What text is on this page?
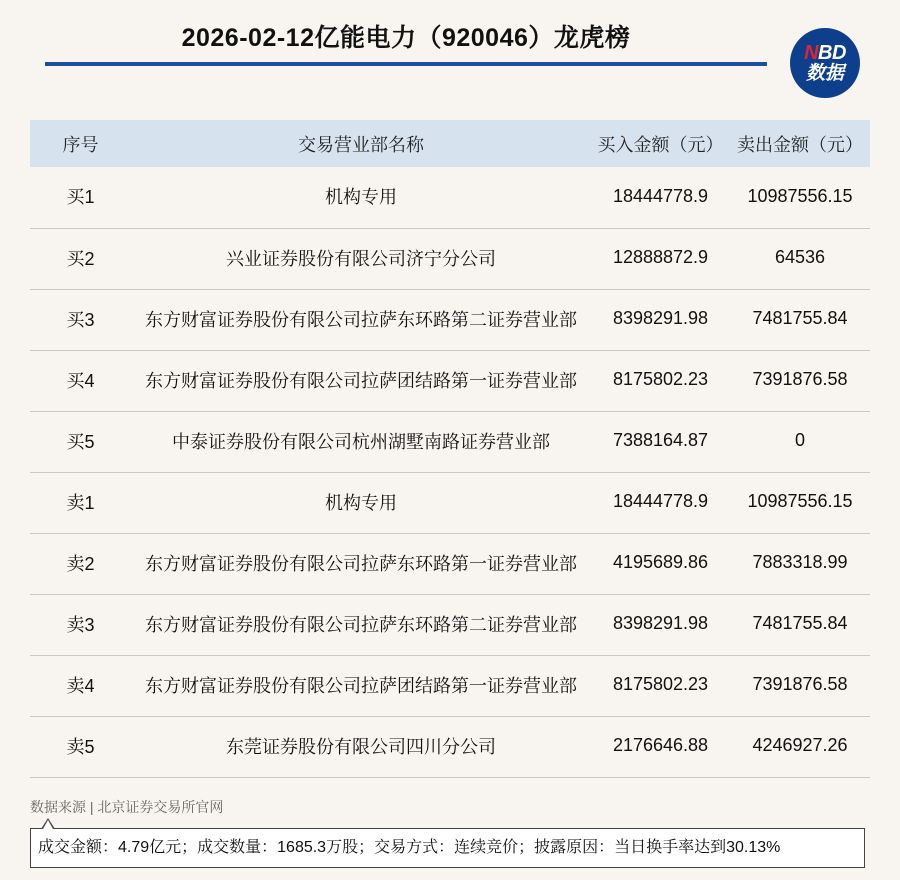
2026-02-12亿能电力（920046）龙虎榜
NBD
数据
序号	交易营业部名称	买入金额（元）	卖出金额（元）
买1	机构专用	18444778.9	10987556.15
买2	兴业证券股份有限公司济宁分公司	12888872.9	64536
买3	东方财富证券股份有限公司拉萨东环路第二证券营业部	8398291.98	7481755.84
买4	东方财富证券股份有限公司拉萨团结路第一证券营业部	8175802.23	7391876.58
买5	中泰证券股份有限公司杭州湖墅南路证券营业部	7388164.87	0
卖1	机构专用	18444778.9	10987556.15
卖2	东方财富证券股份有限公司拉萨东环路第一证券营业部	4195689.86	7883318.99
卖3	东方财富证券股份有限公司拉萨东环路第二证券营业部	8398291.98	7481755.84
卖4	东方财富证券股份有限公司拉萨团结路第一证券营业部	8175802.23	7391876.58
卖5	东莞证券股份有限公司四川分公司	2176646.88	4246927.26
数据来源 | 北京证券交易所官网
成交金额：4.79亿元；成交数量：1685.3万股；交易方式：连续竞价；披露原因：当日换手率达到30.13%
